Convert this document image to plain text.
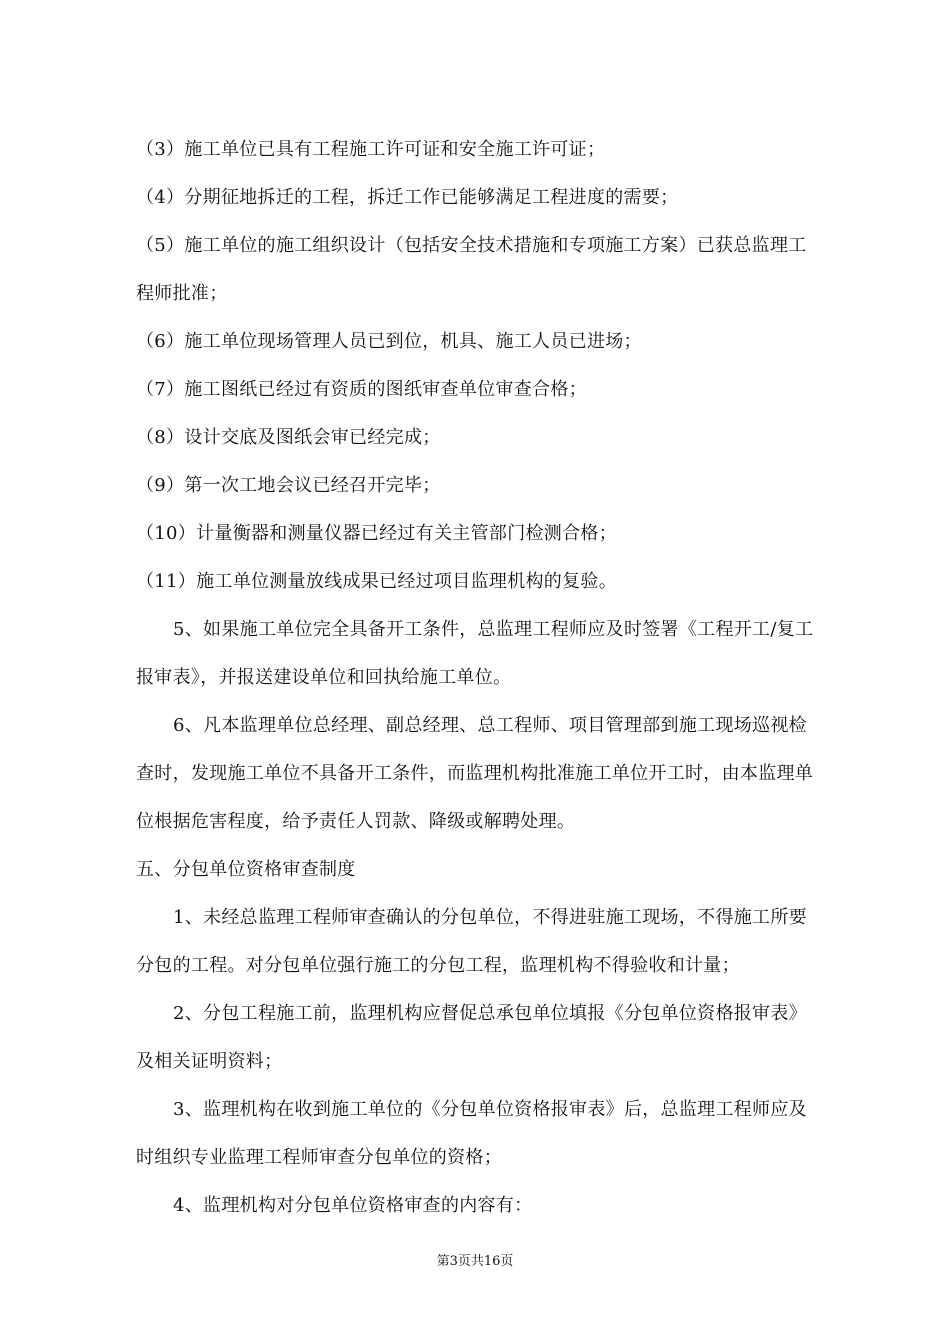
（3）施工单位已具有工程施工许可证和安全施工许可证；
（4）分期征地拆迁的工程，拆迁工作已能够满足工程进度的需要；
（5）施工单位的施工组织设计（包括安全技术措施和专项施工方案）已获总监理工
程师批准；
（6）施工单位现场管理人员已到位，机具、施工人员已进场；
（7）施工图纸已经过有资质的图纸审查单位审查合格；
（8）设计交底及图纸会审已经完成；
（9）第一次工地会议已经召开完毕；
（10）计量衡器和测量仪器已经过有关主管部门检测合格；
（11）施工单位测量放线成果已经过项目监理机构的复验。
5、如果施工单位完全具备开工条件，总监理工程师应及时签署《工程开工/复工
报审表》，并报送建设单位和回执给施工单位。
6、凡本监理单位总经理、副总经理、总工程师、项目管理部到施工现场巡视检
查时，发现施工单位不具备开工条件，而监理机构批准施工单位开工时，由本监理单
位根据危害程度，给予责任人罚款、降级或解聘处理。
五、分包单位资格审查制度
1、未经总监理工程师审查确认的分包单位，不得进驻施工现场，不得施工所要
分包的工程。对分包单位强行施工的分包工程，监理机构不得验收和计量；
2、分包工程施工前，监理机构应督促总承包单位填报《分包单位资格报审表》
及相关证明资料；
3、监理机构在收到施工单位的《分包单位资格报审表》后，总监理工程师应及
时组织专业监理工程师审查分包单位的资格；
4、监理机构对分包单位资格审查的内容有：
第3页共16页
